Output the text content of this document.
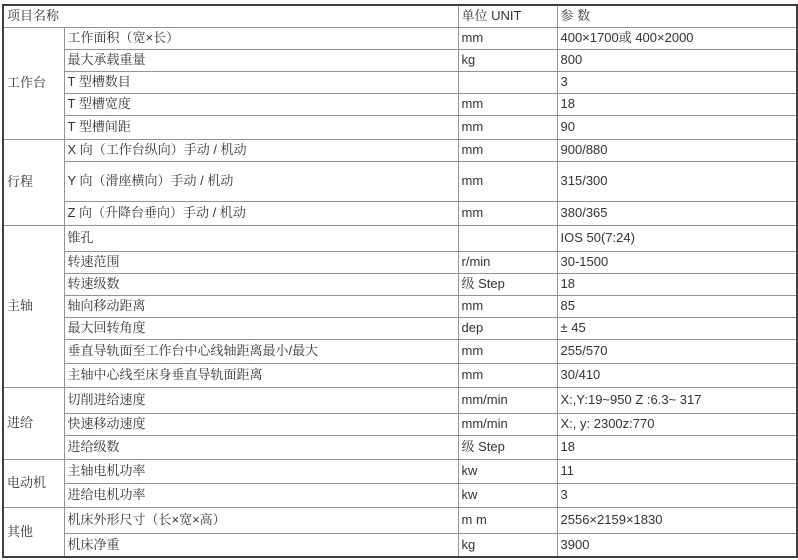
项目名称		单位 UNIT	参 数
工作台	工作面积（宽×长）	mm	400×1700或 400×2000
	最大承载重量	kg	800
	T 型槽数目		3
	T 型槽宽度	mm	18
	T 型槽间距	mm	90
行程	X 向（工作台纵向）手动 / 机动	mm	900/880
	Y 向（滑座横向）手动 / 机动	mm	315/300
	Z 向（升降台垂向）手动 / 机动	mm	380/365
主轴	锥孔		IOS 50(7:24)
	转速范围	r/min	30-1500
	转速级数	级 Step	18
	轴向移动距离	mm	85
	最大回转角度	dep	± 45
	垂直导轨面至工作台中心线轴距离最小/最大	mm	255/570
	主轴中心线至床身垂直导轨面距离	mm	30/410
进给	切削进给速度	mm/min	X:,Y:19~950 Z :6.3~ 317
	快速移动速度	mm/min	X:, y: 2300z:770
	进给级数	级 Step	18
电动机	主轴电机功率	kw	11
	进给电机功率	kw	3
其他	机床外形尺寸（长×宽×高）	m m	2556×2159×1830
	机床净重	kg	3900
